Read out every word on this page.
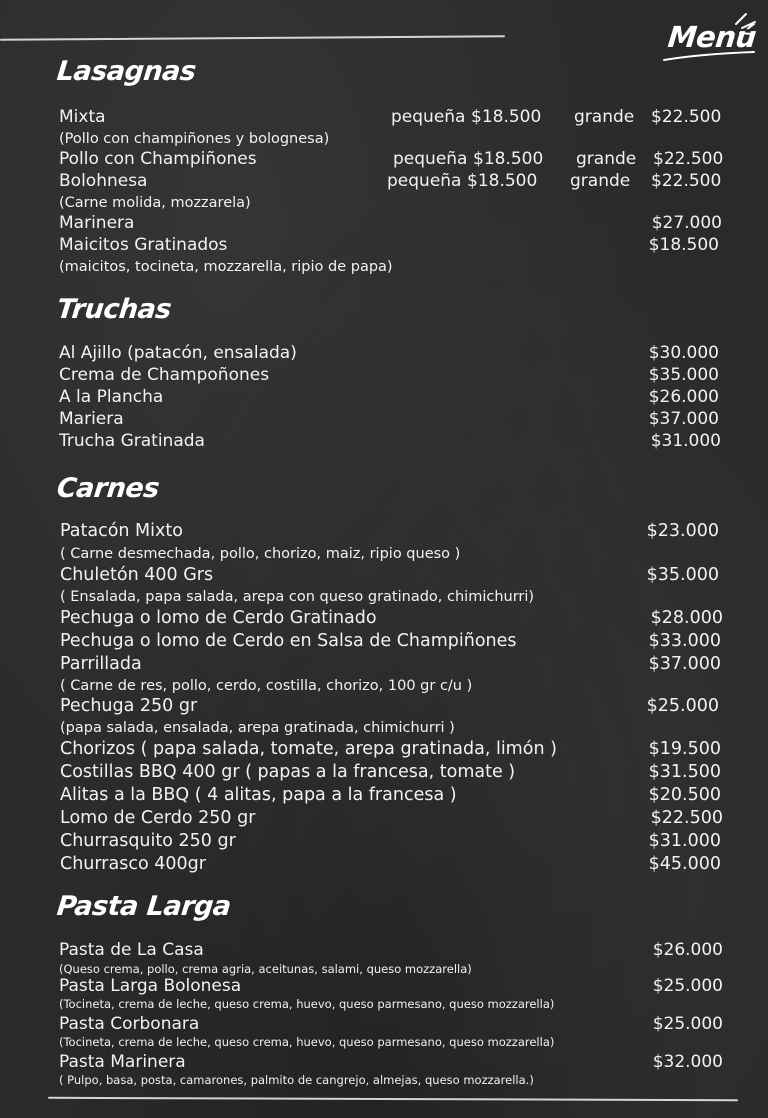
Menú
Lasagnas
Mixta	pequeña $18.500 grande $22.500
(Pollo con champiñones y bolognesa)
Pollo con Champiñones	pequeña $18.500 grande $22.500
Bolohnesa	pequeña $18.500 grande $22.500
(Carne molida, mozzarela)
Marinera	$27.000
Maicitos Gratinados	$18.500
(maicitos, tocineta, mozzarella, ripio de papa)
Truchas
Al Ajillo (patacón, ensalada)	$30.000
Crema de Champoñones	$35.000
A la Plancha	$26.000
Mariera	$37.000
Trucha Gratinada	$31.000
Carnes
Patacón Mixto	$23.000
( Carne desmechada, pollo, chorizo, maiz, ripio queso )
Chuletón 400 Grs	$35.000
( Ensalada, papa salada, arepa con queso gratinado, chimichurri)
Pechuga o lomo de Cerdo Gratinado	$28.000
Pechuga o lomo de Cerdo en Salsa de Champiñones	$33.000
Parrillada	$37.000
( Carne de res, pollo, cerdo, costilla, chorizo, 100 gr c/u )
Pechuga 250 gr	$25.000
(papa salada, ensalada, arepa gratinada, chimichurri )
Chorizos ( papa salada, tomate, arepa gratinada, limón )	$19.500
Costillas BBQ 400 gr ( papas a la francesa, tomate )	$31.500
Alitas a la BBQ ( 4 alitas, papa a la francesa )	$20.500
Lomo de Cerdo 250 gr	$22.500
Churrasquito 250 gr	$31.000
Churrasco 400gr	$45.000
Pasta Larga
Pasta de La Casa	$26.000
(Queso crema, pollo, crema agria, aceitunas, salami, queso mozzarella)
Pasta Larga Bolonesa	$25.000
(Tocineta, crema de leche, queso crema, huevo, queso parmesano, queso mozzarella)
Pasta Corbonara	$25.000
(Tocineta, crema de leche, queso crema, huevo, queso parmesano, queso mozzarella)
Pasta Marinera	$32.000
( Pulpo, basa, posta, camarones, palmito de cangrejo, almejas, queso mozzarella.)
